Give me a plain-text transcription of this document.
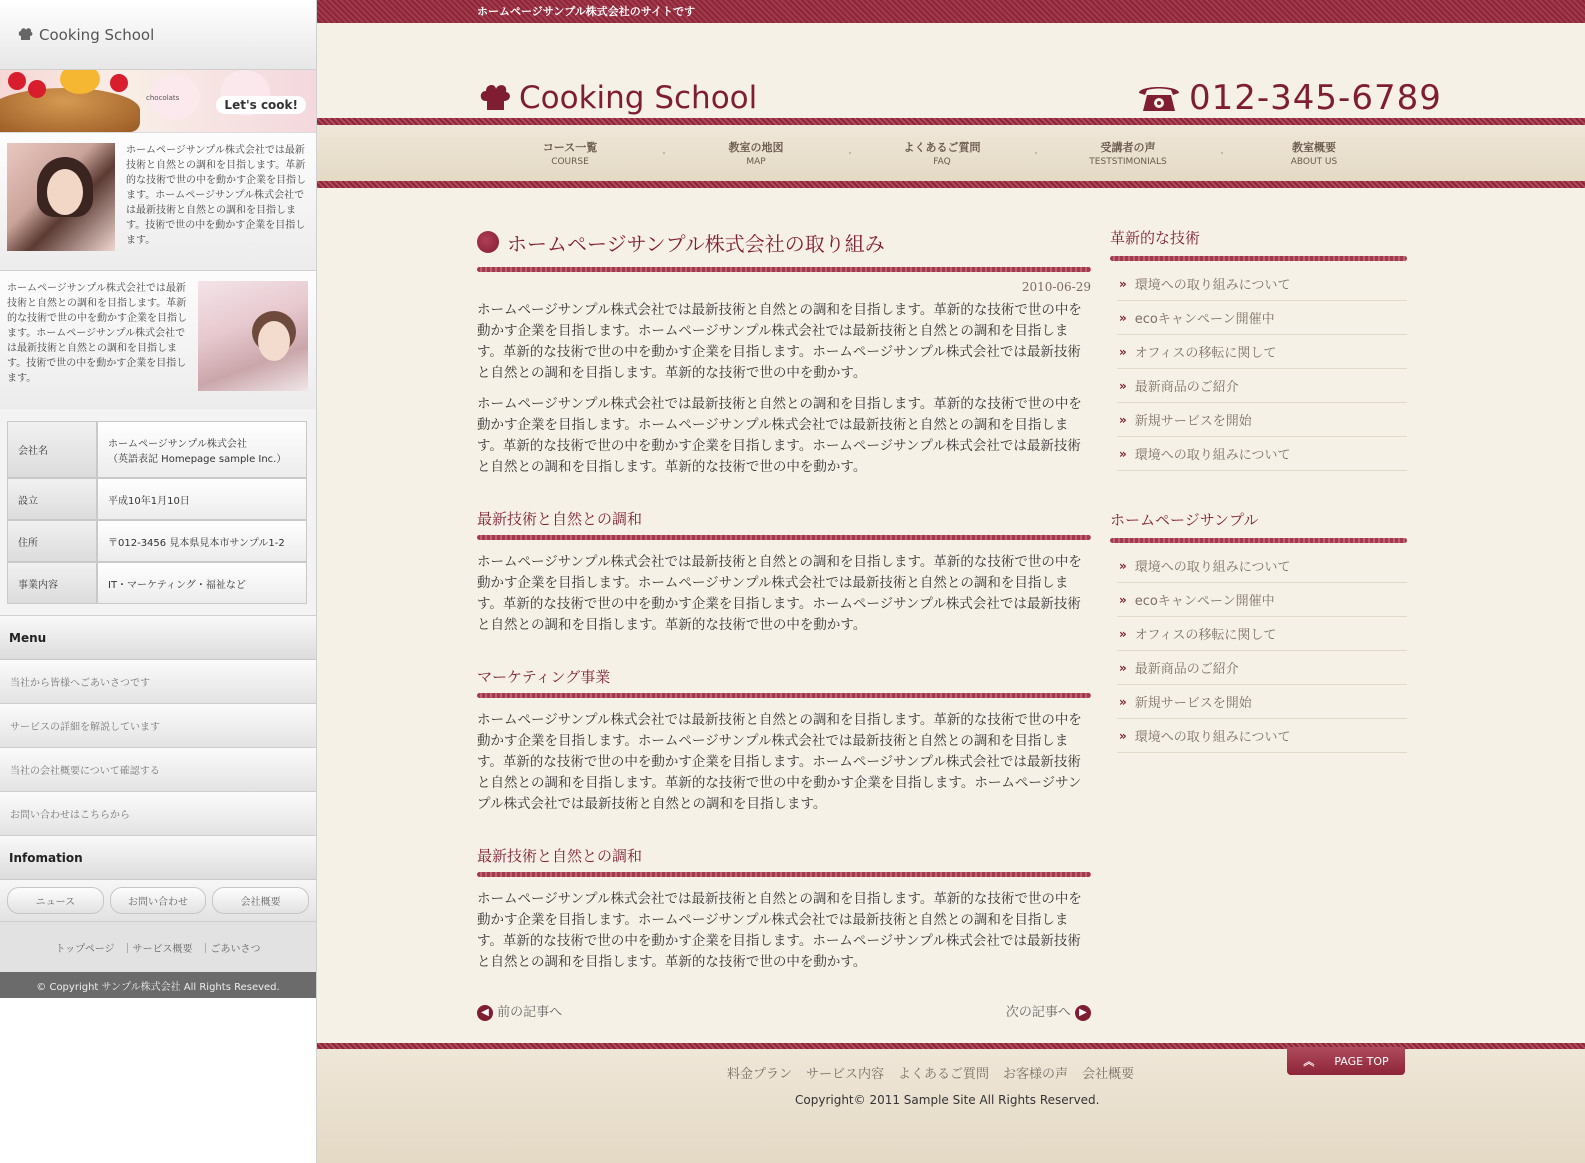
Cooking School
chocolats	Let's cook!
ホームページサンプル株式会社では最新技術と自然との調和を目指します。革新的な技術で世の中を動かす企業を目指します。ホームページサンプル株式会社では最新技術と自然との調和を目指します。技術で世の中を動かす企業を目指します。
ホームページサンプル株式会社では最新技術と自然との調和を目指します。革新的な技術で世の中を動かす企業を目指します。ホームページサンプル株式会社では最新技術と自然との調和を目指します。技術で世の中を動かす企業を目指します。
会社名	ホームページサンプル株式会社
（英語表記 Homepage sample Inc.）
設立	平成10年1月10日
住所	〒012-3456 見本県見本市サンプル1-2
事業内容	IT・マーケティング・福祉など
Menu
当社から皆様へごあいさつです
サービスの詳細を解説しています
当社の会社概要について確認する
お問い合わせはこちらから
Infomation
ニュース	お問い合わせ	会社概要
トップページ ｜サービス概要 ｜ごあいさつ
© Copyright サンプル株式会社 All Rights Reseved.
ホームページサンプル株式会社のサイトです
Cooking School	012-345-6789
コース一覧
COURSE
教室の地図
MAP
よくあるご質問
FAQ
受講者の声
TESTSTIMONIALS
教室概要
ABOUT US
ホームページサンプル株式会社の取り組み
2010-06-29
ホームページサンプル株式会社では最新技術と自然との調和を目指します。革新的な技術で世の中を動かす企業を目指します。ホームページサンプル株式会社では最新技術と自然との調和を目指します。革新的な技術で世の中を動かす企業を目指します。ホームページサンプル株式会社では最新技術と自然との調和を目指します。革新的な技術で世の中を動かす。
ホームページサンプル株式会社では最新技術と自然との調和を目指します。革新的な技術で世の中を動かす企業を目指します。ホームページサンプル株式会社では最新技術と自然との調和を目指します。革新的な技術で世の中を動かす企業を目指します。ホームページサンプル株式会社では最新技術と自然との調和を目指します。革新的な技術で世の中を動かす。
最新技術と自然との調和
ホームページサンプル株式会社では最新技術と自然との調和を目指します。革新的な技術で世の中を動かす企業を目指します。ホームページサンプル株式会社では最新技術と自然との調和を目指します。革新的な技術で世の中を動かす企業を目指します。ホームページサンプル株式会社では最新技術と自然との調和を目指します。革新的な技術で世の中を動かす。
マーケティング事業
ホームページサンプル株式会社では最新技術と自然との調和を目指します。革新的な技術で世の中を動かす企業を目指します。ホームページサンプル株式会社では最新技術と自然との調和を目指します。革新的な技術で世の中を動かす企業を目指します。ホームページサンプル株式会社では最新技術と自然との調和を目指します。革新的な技術で世の中を動かす企業を目指します。ホームページサンプル株式会社では最新技術と自然との調和を目指します。
最新技術と自然との調和
ホームページサンプル株式会社では最新技術と自然との調和を目指します。革新的な技術で世の中を動かす企業を目指します。ホームページサンプル株式会社では最新技術と自然との調和を目指します。革新的な技術で世の中を動かす企業を目指します。ホームページサンプル株式会社では最新技術と自然との調和を目指します。革新的な技術で世の中を動かす。
◀ 前の記事へ	次の記事へ ▶
革新的な技術
» 環境への取り組みについて
» ecoキャンペーン開催中
» オフィスの移転に関して
» 最新商品のご紹介
» 新規サービスを開始
» 環境への取り組みについて
ホームページサンプル
» 環境への取り組みについて
» ecoキャンペーン開催中
» オフィスの移転に関して
» 最新商品のご紹介
» 新規サービスを開始
» 環境への取り組みについて
︽ PAGE TOP
料金プラン サービス内容 よくあるご質問 お客様の声 会社概要
Copyright© 2011 Sample Site All Rights Reserved.
